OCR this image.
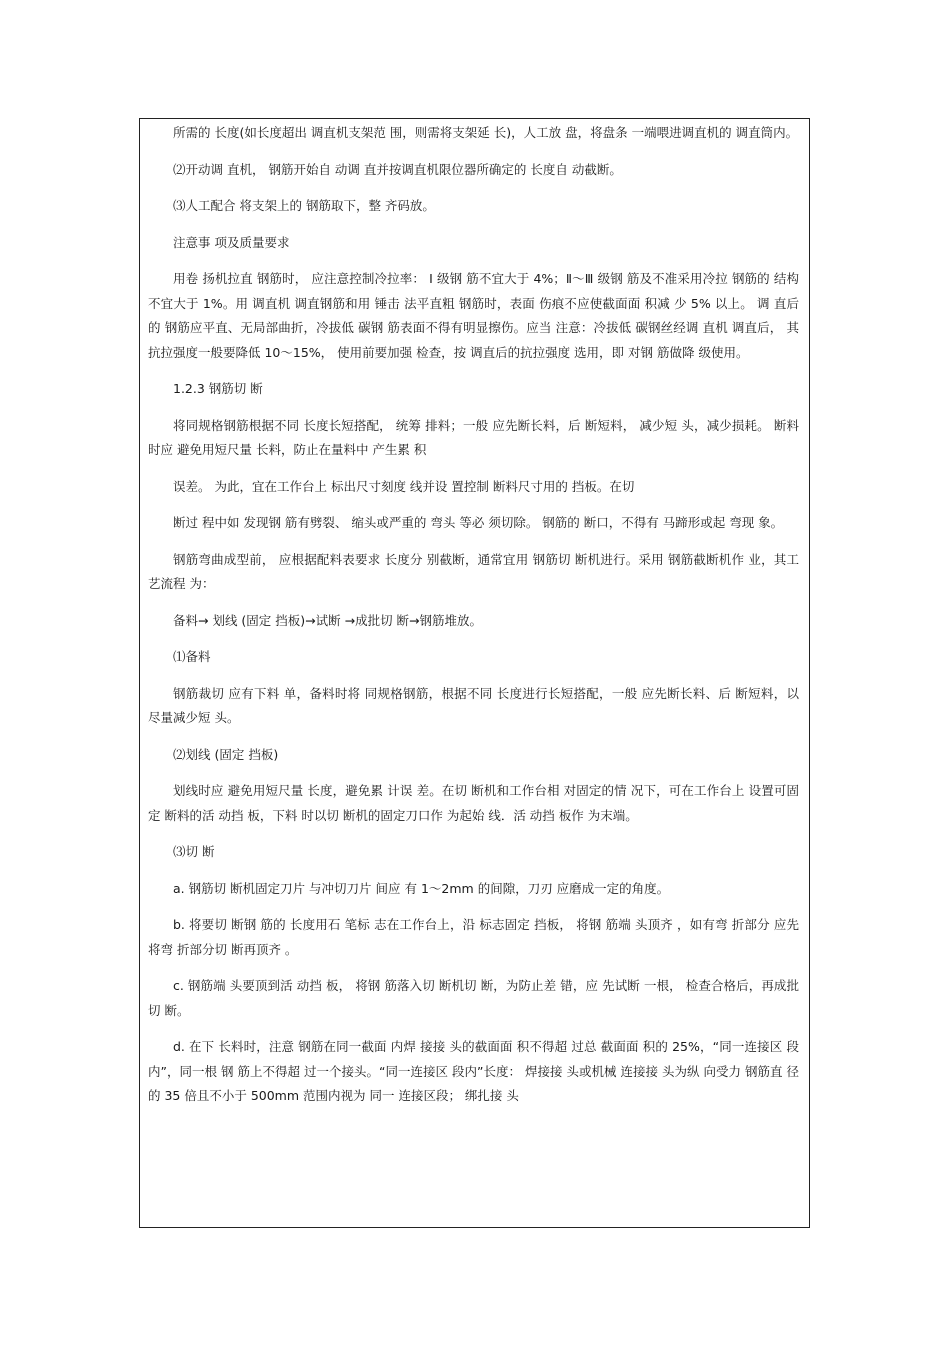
所需的 长度(如长度超出 调直机支架范 围，则需将支架延 长)，人工放 盘，将盘条 一端喂进调直机的 调直筒内。

⑵开动调 直机， 钢筋开始自 动调 直并按调直机限位器所确定的 长度自 动截断。

⑶人工配合 将支架上的 钢筋取下，整 齐码放。

注意事 项及质量要求

用卷 扬机拉直 钢筋时， 应注意控制冷拉率： Ⅰ 级钢 筋不宜大于 4%；Ⅱ～Ⅲ 级钢 筋及不准采用冷拉 钢筋的 结构 不宜大于 1%。用 调直机 调直钢筋和用 锤击 法平直粗 钢筋时，表面 伤痕不应使截面面 积减 少 5% 以上。 调 直后的 钢筋应平直、无局部曲折，冷拔低 碳钢 筋表面不得有明显擦伤。应当 注意：冷拔低 碳钢丝经调 直机 调直后， 其抗拉强度一般要降低 10～15%， 使用前要加强 检查，按 调直后的抗拉强度 选用，即 对钢 筋做降 级使用。

1.2.3 钢筋切 断

将同规格钢筋根据不同 长度长短搭配， 统筹 排料；一般 应先断长料，后 断短料， 减少短 头，减少损耗。 断料时应 避免用短尺量 长料，防止在量料中 产生累 积

误差。 为此，宜在工作台上 标出尺寸刻度 线并设 置控制 断料尺寸用的 挡板。在切

断过 程中如 发现钢 筋有劈裂、 缩头或严重的 弯头 等必 须切除。 钢筋的 断口，不得有 马蹄形或起 弯现 象。

钢筋弯曲成型前， 应根据配料表要求 长度分 别截断，通常宜用 钢筋切 断机进行。采用 钢筋截断机作 业，其工 艺流程 为：

备料→ 划线 (固定 挡板)→试断 →成批切 断→钢筋堆放。

⑴备料

钢筋裁切 应有下料 单，备料时将 同规格钢筋，根据不同 长度进行长短搭配，一般 应先断长料、后 断短料，以 尽量减少短 头。

⑵划线 (固定 挡板)

划线时应 避免用短尺量 长度，避免累 计误 差。在切 断机和工作台相 对固定的情 况下，可在工作台上 设置可固定 断料的活 动挡 板，下料 时以切 断机的固定刀口作 为起始 线．活 动挡 板作 为末端。

⑶切 断

a. 钢筋切 断机固定刀片 与冲切刀片 间应 有 1～2mm 的间隙，刀刃 应磨成一定的角度。

b. 将要切 断钢 筋的 长度用石 笔标 志在工作台上，沿 标志固定 挡板， 将钢 筋端 头顶齐 ，如有弯 折部分 应先将弯 折部分切 断再顶齐 。

c. 钢筋端 头要顶到活 动挡 板， 将钢 筋落入切 断机切 断，为防止差 错，应 先试断 一根， 检查合格后，再成批切 断。

d. 在下 长料时，注意 钢筋在同一截面 内焊 接接 头的截面面 积不得超 过总 截面面 积的 25%，“同一连接区 段内”，同一根 钢 筋上不得超 过一个接头。“同一连接区 段内”长度： 焊接接 头或机械 连接接 头为纵 向受力 钢筋直 径的 35 倍且不小于 500mm 范围内视为 同一 连接区段； 绑扎接 头
